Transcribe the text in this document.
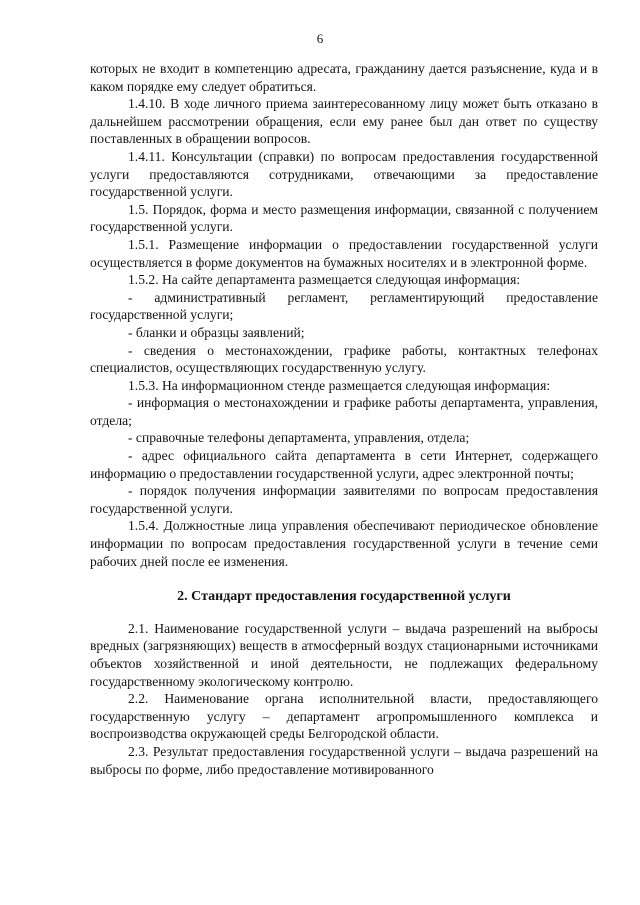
6

которых не входит в компетенцию адресата, гражданину дается разъяснение, куда и в каком порядке ему следует обратиться.

1.4.10. В ходе личного приема заинтересованному лицу может быть отказано в дальнейшем рассмотрении обращения, если ему ранее был дан ответ по существу поставленных в обращении вопросов.

1.4.11. Консультации (справки) по вопросам предоставления государственной услуги предоставляются сотрудниками, отвечающими за предоставление государственной услуги.

1.5. Порядок, форма и место размещения информации, связанной с получением государственной услуги.

1.5.1. Размещение информации о предоставлении государственной услуги осуществляется в форме документов на бумажных носителях и в электронной форме.

1.5.2. На сайте департамента размещается следующая информация:

- административный регламент, регламентирующий предоставление государственной услуги;

- бланки и образцы заявлений;

- сведения о местонахождении, графике работы, контактных телефонах специалистов, осуществляющих государственную услугу.

1.5.3. На информационном стенде размещается следующая информация:

- информация о местонахождении и графике работы департамента, управления, отдела;

- справочные телефоны департамента, управления, отдела;

- адрес официального сайта департамента в сети Интернет, содержащего информацию о предоставлении государственной услуги, адрес электронной почты;

- порядок получения информации заявителями по вопросам предоставления государственной услуги.

1.5.4. Должностные лица управления обеспечивают периодическое обновление информации по вопросам предоставления государственной услуги в течение семи рабочих дней после ее изменения.

2. Стандарт предоставления государственной услуги

2.1. Наименование государственной услуги – выдача разрешений на выбросы вредных (загрязняющих) веществ в атмосферный воздух стационарными источниками объектов хозяйственной и иной деятельности, не подлежащих федеральному государственному экологическому контролю.

2.2. Наименование органа исполнительной власти, предоставляющего государственную услугу – департамент агропромышленного комплекса и воспроизводства окружающей среды Белгородской области.

2.3. Результат предоставления государственной услуги – выдача разрешений на выбросы по форме, либо предоставление мотивированного
